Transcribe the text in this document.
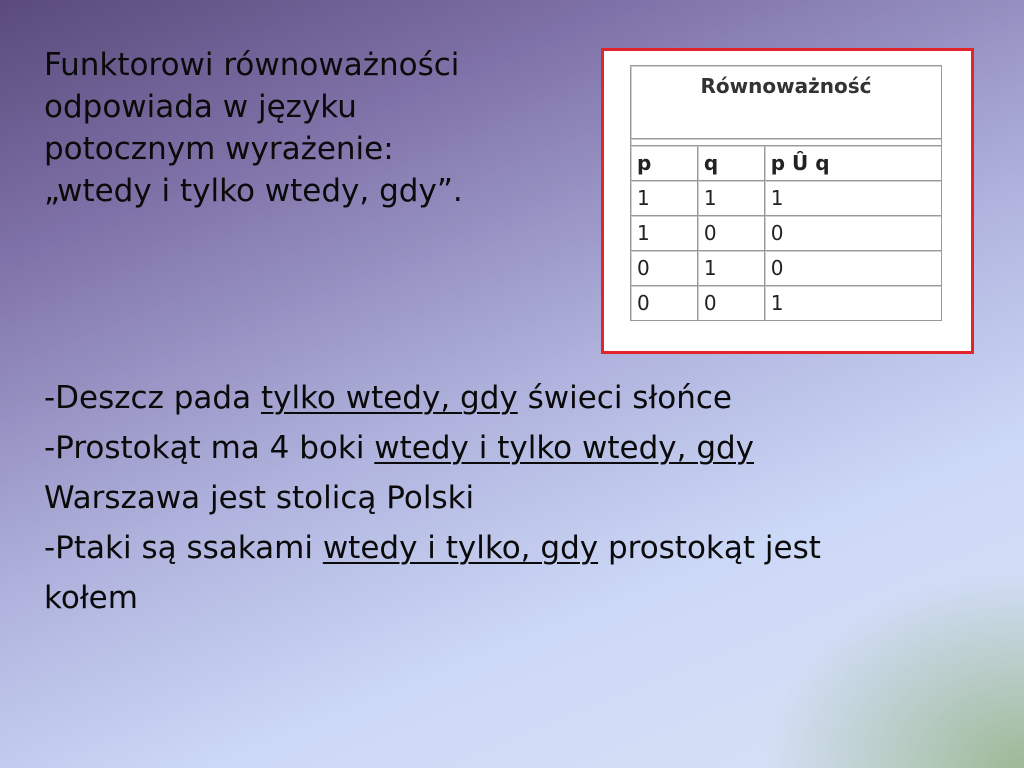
Funktorowi równoważności
odpowiada w języku
potocznym wyrażenie:
„wtedy i tylko wtedy, gdy”.
Równoważność		

p	q	p Û q
1	1	1
1	0	0
0	1	0
0	0	1
-Deszcz pada tylko wtedy, gdy świeci słońce
-Prostokąt ma 4 boki wtedy i tylko wtedy, gdy
Warszawa jest stolicą Polski
-Ptaki są ssakami wtedy i tylko, gdy prostokąt jest
kołem
